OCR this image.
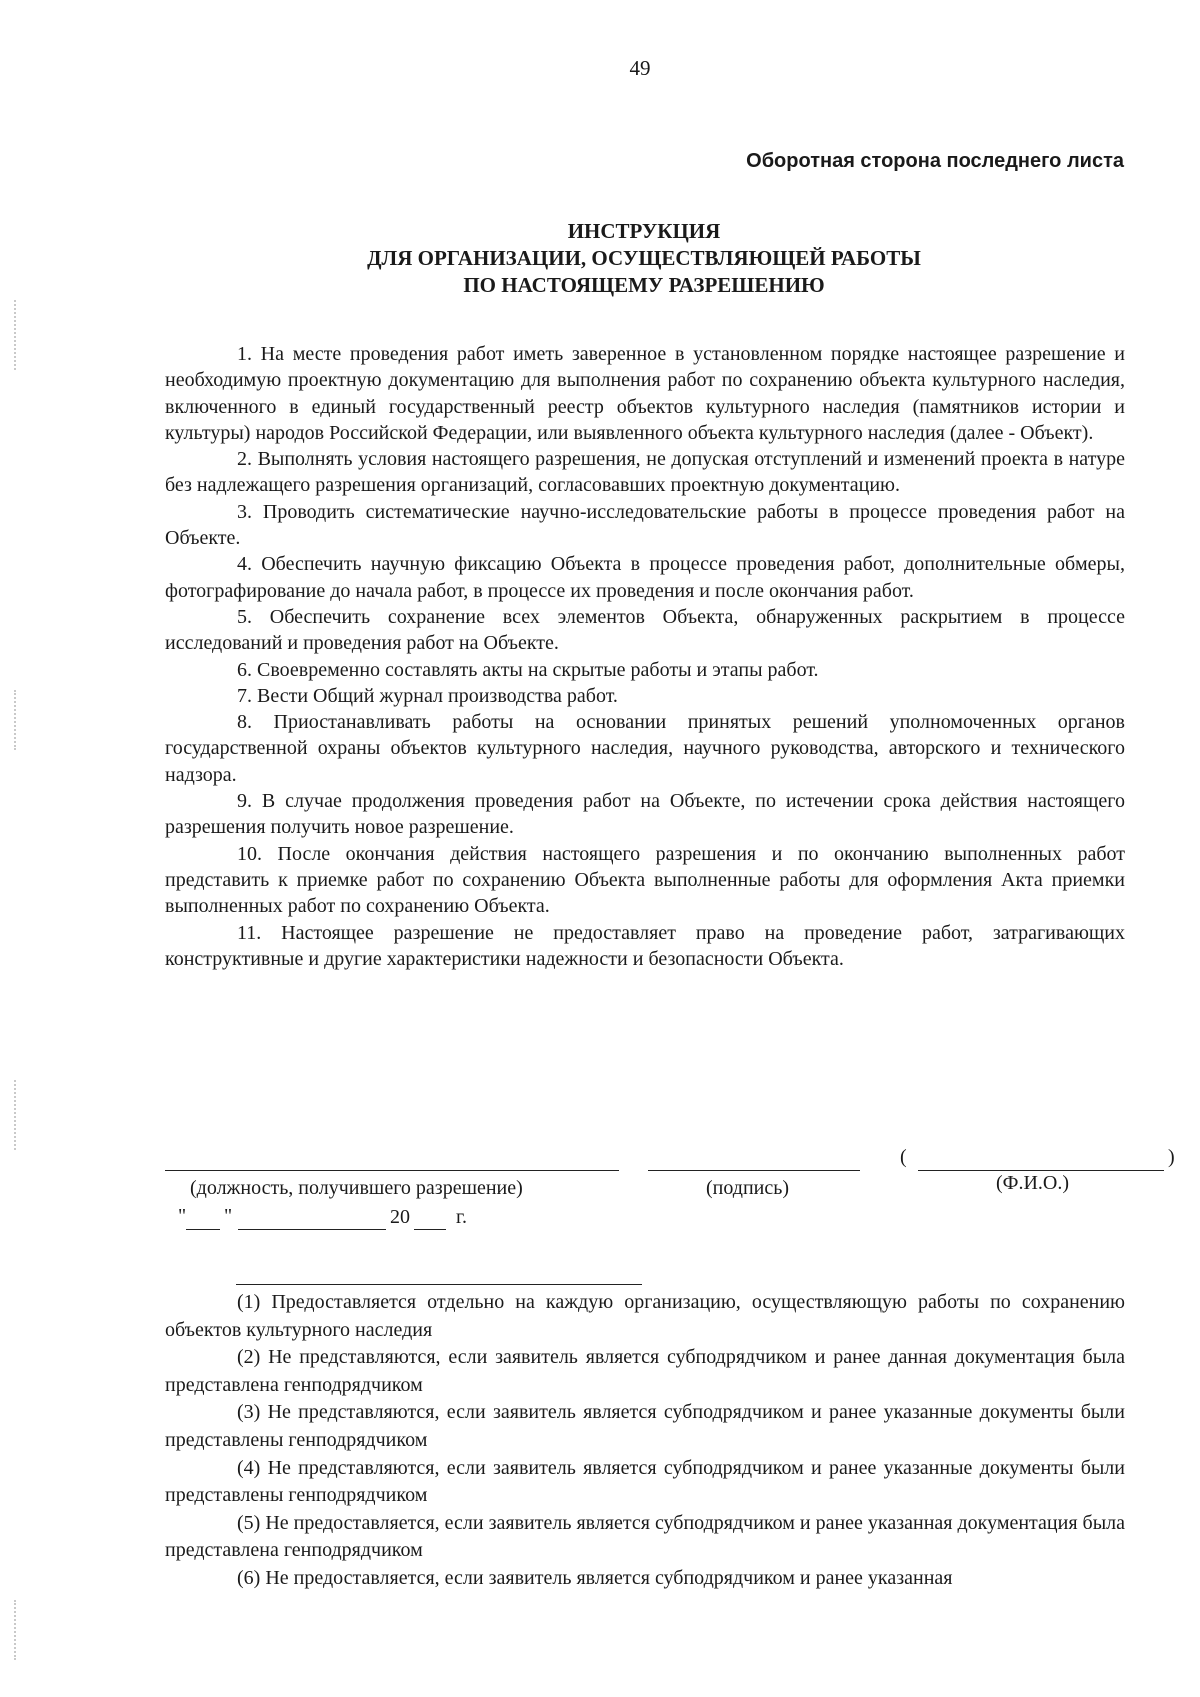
49
Оборотная сторона последнего листа
ИНСТРУКЦИЯ
ДЛЯ ОРГАНИЗАЦИИ, ОСУЩЕСТВЛЯЮЩЕЙ РАБОТЫ
ПО НАСТОЯЩЕМУ РАЗРЕШЕНИЮ

1. На месте проведения работ иметь заверенное в установленном порядке настоящее разрешение и необходимую проектную документацию для выполнения работ по сохранению объекта культурного наследия, включенного в единый государственный реестр объектов культурного наследия (памятников истории и культуры) народов Российской Федерации, или выявленного объекта культурного наследия (далее - Объект).

2. Выполнять условия настоящего разрешения, не допуская отступлений и изменений проекта в натуре без надлежащего разрешения организаций, согласовавших проектную документацию.

3. Проводить систематические научно-исследовательские работы в процессе проведения работ на Объекте.

4. Обеспечить научную фиксацию Объекта в процессе проведения работ, дополнительные обмеры, фотографирование до начала работ, в процессе их проведения и после окончания работ.

5. Обеспечить сохранение всех элементов Объекта, обнаруженных раскрытием в процессе исследований и проведения работ на Объекте.

6. Своевременно составлять акты на скрытые работы и этапы работ.

7. Вести Общий журнал производства работ.

8. Приостанавливать работы на основании принятых решений уполномоченных органов государственной охраны объектов культурного наследия, научного руководства, авторского и технического надзора.

9. В случае продолжения проведения работ на Объекте, по истечении срока действия настоящего разрешения получить новое разрешение.

10. После окончания действия настоящего разрешения и по окончанию выполненных работ представить к приемке работ по сохранению Объекта выполненные работы для оформления Акта приемки выполненных работ по сохранению Объекта.

11. Настоящее разрешение не предоставляет право на проведение работ, затрагивающих конструктивные и другие характеристики надежности и безопасности Объекта.

(	)
(должность, получившего разрешение)	(подпись)	(Ф.И.О.)
" "	20 г.

(1) Предоставляется отдельно на каждую организацию, осуществляющую работы по сохранению объектов культурного наследия

(2) Не представляются, если заявитель является субподрядчиком и ранее данная документация была представлена генподрядчиком

(3) Не представляются, если заявитель является субподрядчиком и ранее указанные документы были представлены генподрядчиком

(4) Не представляются, если заявитель является субподрядчиком и ранее указанные документы были представлены генподрядчиком

(5) Не предоставляется, если заявитель является субподрядчиком и ранее указанная документация была представлена генподрядчиком

(6) Не предоставляется, если заявитель является субподрядчиком и ранее указанная
